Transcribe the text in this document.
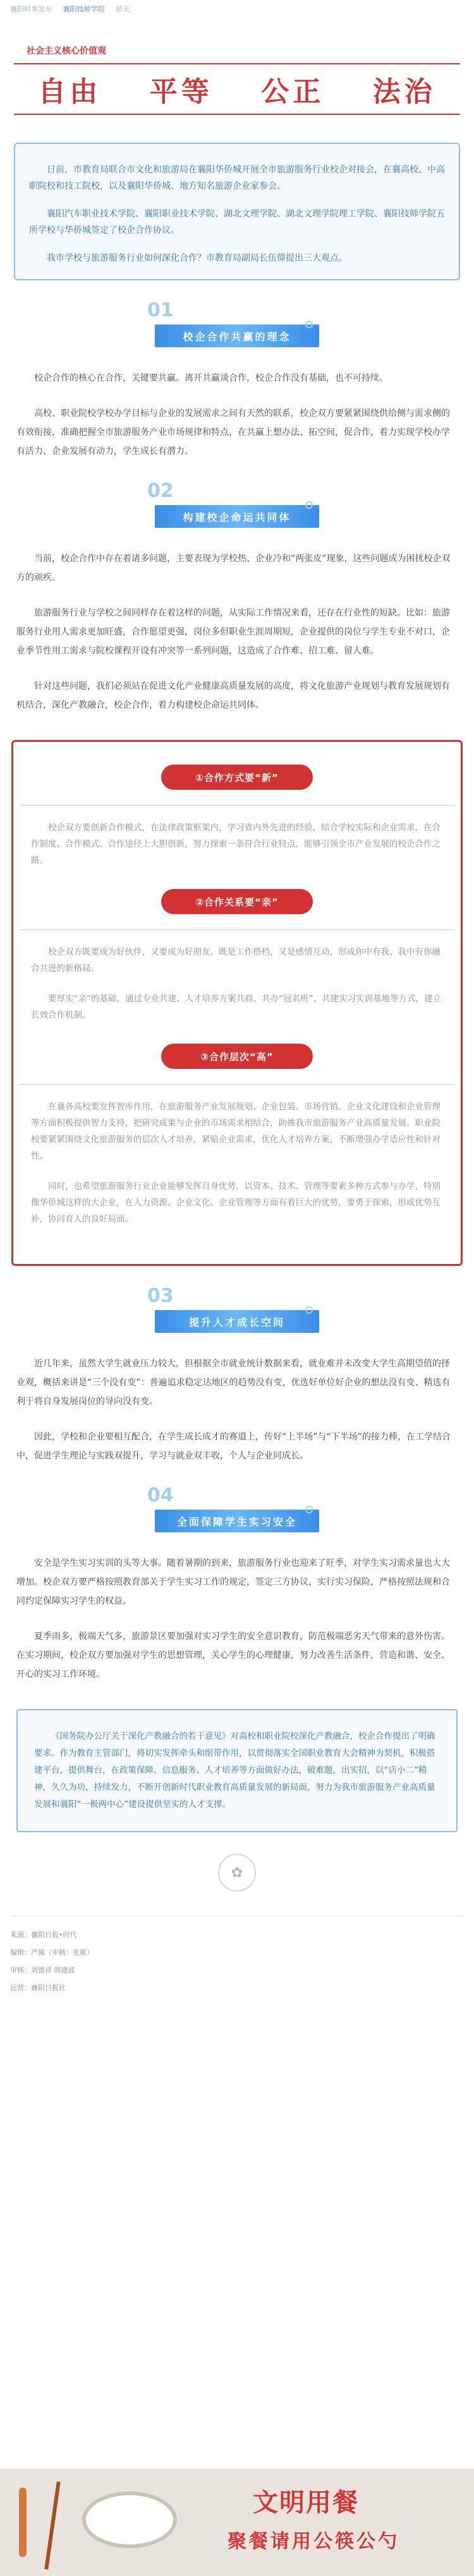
襄阳时事发布 襄阳技师学院 前天
社会主义核心价值观
自由 平等 公正 法治

日前，市教育局联合市文化和旅游局在襄阳华侨城开展全市旅游服务行业校企对接会，在襄高校、中高职院校和技工院校，以及襄阳华侨城、地方知名旅游企业家参会。

襄阳汽车职业技术学院、襄阳职业技术学院、湖北文理学院、湖北文理学院理工学院、襄阳技师学院五所学校与华侨城签定了校企合作协议。

我市学校与旅游服务行业如何深化合作？市教育局副局长伍偉提出三大观点。

01
校企合作共赢的理念

校企合作的核心在合作，关键要共赢。离开共赢谈合作，校企合作没有基础，也不可持续。

高校、职业院校学校办学目标与企业的发展需求之间有天然的联系，校企双方要紧紧围绕供给侧与需求侧的有效衔接，准确把握全市旅游服务产业市场规律和特点，在共赢上想办法、拓空间，促合作，着力实现学校办学有活力、企业发展有动力，学生成长有潜力。

02
构建校企命运共同体

当前，校企合作中存在着诸多问题，主要表现为学校热、企业冷和“两张皮”现象，这些问题成为困扰校企双方的顽疾。

旅游服务行业与学校之间同样存在着这样的问题，从实际工作情况来看，还存在行业性的短缺。比如：旅游服务行业用人需求更加旺盛，合作愿望更强，岗位多但职业生涯周期短，企业提供的岗位与学生专业不对口，企业季节性用工需求与院校课程开设有冲突等一系列问题，这造成了合作难、招工难、留人难。

针对这些问题，我们必须站在促进文化产业健康高质量发展的高度，将文化旅游产业规划与教育发展规划有机结合，深化产教融合，校企合作，着力构建校企命运共同体。

①合作方式要“新”

校企双方要创新合作模式，在法律政策框架内，学习省内外先进的经验，结合学校实际和企业需求，在合作制度、合作模式、合作途径上大胆创新，努力探索一条符合行业特点，能够引领全市产业发展的校企合作之路。

②合作关系要“亲”

校企双方既要成为好伙伴，又要成为好朋友，既是工作搭档，又是感情互动，形成你中有我、我中有你融合共进的新格局。

要厚实“亲”的基础，通过专业共建、人才培养方案共商、共办“冠名班”、共建实习实训基地等方式，建立长效合作机制。

③合作层次“高”

在襄各高校要发挥智库作用，在旅游服务产业发展规划、企业包装、市场营销、企业文化建设和企业管理等方面积极提供智力支持，把研究成果与企业的市场需求相结合，助推我市旅游服务产业高质量发展。职业院校要紧紧围绕文化旅游服务的层次人才培养，紧贴企业需求，优化人才培养方案，不断增强办学适应性和针对性。

同时，也希望旅游服务行业企业能够发挥自身优势，以资本、技术、管理等要素多种方式参与办学，特别像华侨城这样的大企业，在人力资源、企业文化、企业管理等方面有着巨大的优势，要勇于探索，形成优势互补，协同育人的良好局面。

03
提升人才成长空间

近几年来，虽然大学生就业压力较大，但根据全市就业统计数据来看，就业难并未改变大学生高期望值的择业观，概括来讲是“三个没有变”：普遍追求稳定达地区的趋势没有变，优选好单位好企业的想法没有变、精选有利于将自身发展岗位的导向没有变。

因此，学校和企业要相互配合，在学生成长成才的赛道上，传好“上半场”与“下半场”的接力棒，在工学结合中，促进学生理论与实践双提升，学习与就业双丰收，个人与企业同成长。

04
全面保障学生实习安全

安全是学生实习实训的头等大事。随着暑期的到来，旅游服务行业也迎来了旺季，对学生实习需求量也大大增加。校企双方要严格按照教育部关于学生实习工作的规定，签定三方协议，实行实习保险，严格按照法规和合同约定保障实习学生的权益。

夏季雨多，极端天气多，旅游景区要加强对实习学生的安全意识教育，防范极端恶劣天气带来的意外伤害。在实习期间，校企双方要加强对学生的思想管理，关心学生的心理健康，努力改善生活条件，营造和谐、安全、开心的实习工作环境。

《国务院办公厅关于深化产教融合的若干意见》对高校和职业院校深化产教融合，校企合作提出了明确要求。作为教育主管部门，将切实发挥牵头和组带作用，以贯彻落实全国职业教育大会精神为契机，积极搭建平台，提供舞台，在政策保障、信息服务、人才培养等方面做好办法，破难题，出实招，以“店小二”精神，久久为功，持续发力，不断开创新时代职业教育高质量发展的新局面，努力为我市旅游服务产业高质量发展和襄阳“一极两中心”建设提供坚实的人才支撑。

✿
来源：襄阳日报•时代
编辑：严佩（审核：张雁）
审核：刘德祥 韩建波
运营：襄阳日报社
文明用餐
聚餐请用公筷公勺
